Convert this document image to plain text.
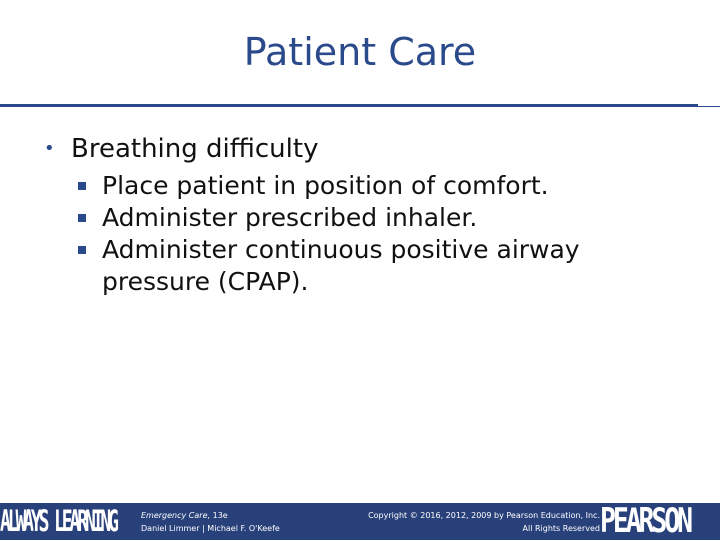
Patient Care
• Breathing difficulty
Place patient in position of comfort.
Administer prescribed inhaler.
Administer continuous positive airway pressure (CPAP).
ALWAYS LEARNING	Emergency Care, 13e
Daniel Limmer | Michael F. O'Keefe
Copyright © 2016, 2012, 2009 by Pearson Education, Inc.
All Rights Reserved PEARSON
